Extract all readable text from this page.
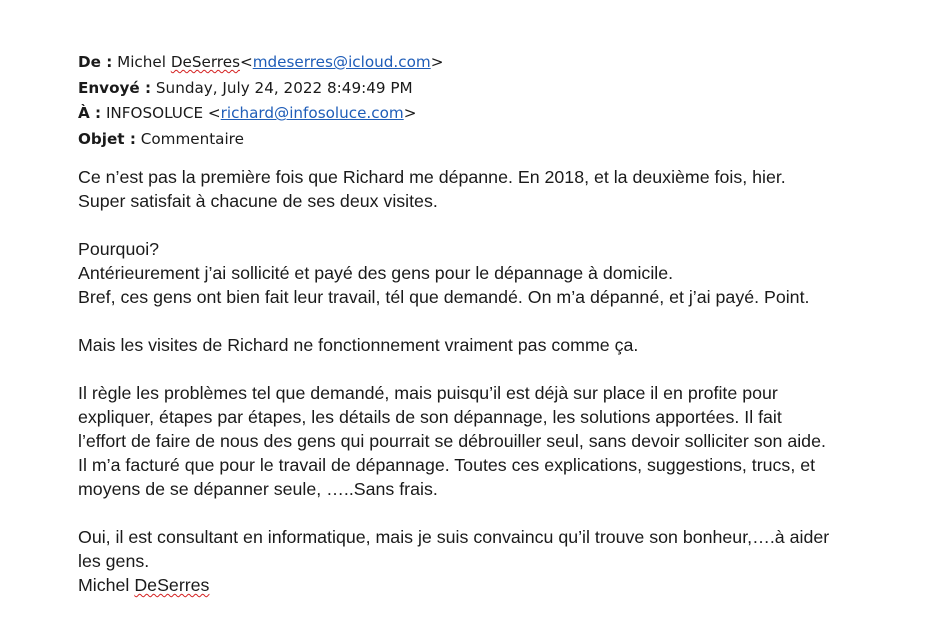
De : Michel DeSerres<mdeserres@icloud.com>
Envoyé : Sunday, July 24, 2022 8:49:49 PM
À : INFOSOLUCE <richard@infosoluce.com>
Objet : Commentaire

Ce n’est pas la première fois que Richard me dépanne. En 2018, et la deuxième fois, hier.

Super satisfait à chacune de ses deux visites.

Pourquoi?

Antérieurement j’ai sollicité et payé des gens pour le dépannage à domicile.

Bref, ces gens ont bien fait leur travail, tél que demandé. On m’a dépanné, et j’ai payé. Point.

Mais les visites de Richard ne fonctionnement vraiment pas comme ça.

Il règle les problèmes tel que demandé, mais puisqu’il est déjà sur place il en profite pour

expliquer, étapes par étapes, les détails de son dépannage, les solutions apportées. Il fait

l’effort de faire de nous des gens qui pourrait se débrouiller seul, sans devoir solliciter son aide.

Il m’a facturé que pour le travail de dépannage. Toutes ces explications, suggestions, trucs, et

moyens de se dépanner seule, …..Sans frais.

Oui, il est consultant en informatique, mais je suis convaincu qu’il trouve son bonheur,….à aider

les gens.

Michel DeSerres
